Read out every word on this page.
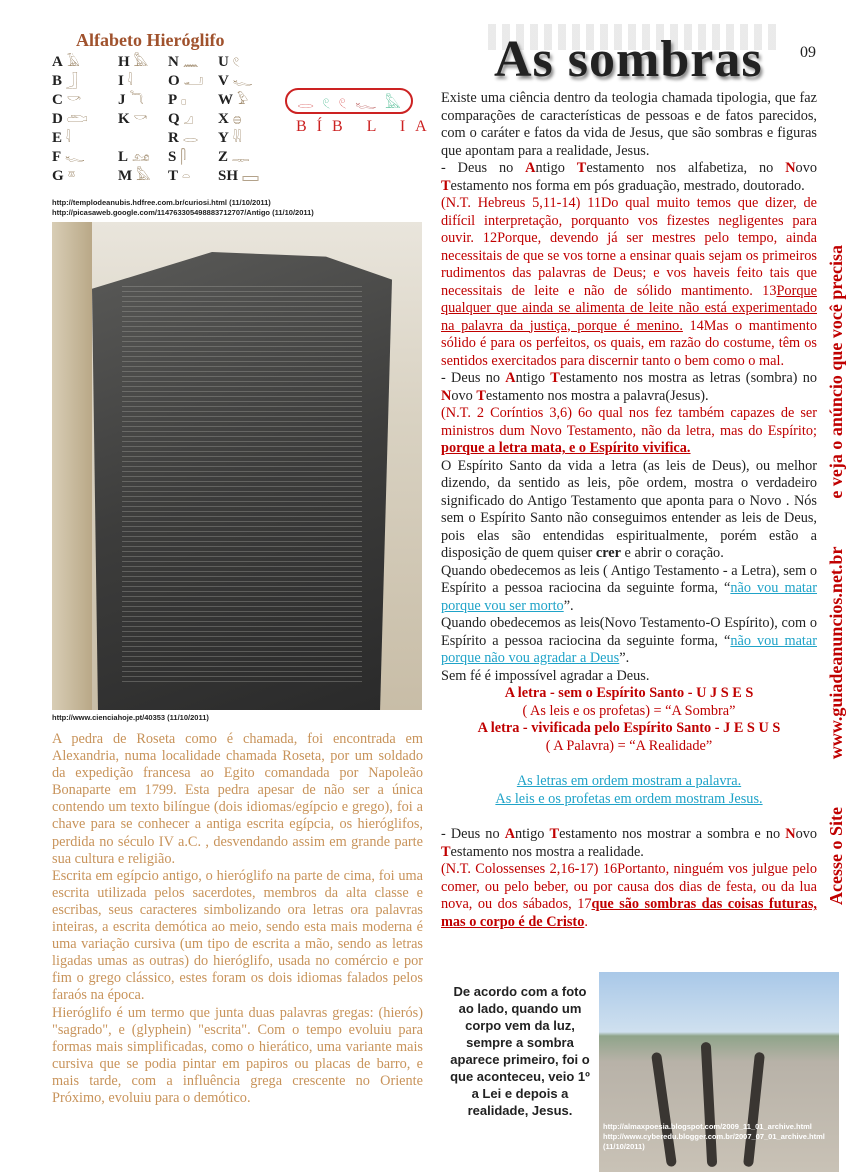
Alfabeto Hieróglifo
A 𓄿 H 𓅓 N 𓈖 U 𓏲
B 𓃀	I 𓇋 O 𓂝 V 𓆑
C 𓎡 J 𓆓 P 𓊪 W 𓅱
D 𓂧 K 𓎡 Q 𓈎 X 𓐍
E 𓇋	R 𓂋 Y 𓇌
F 𓆑 L 𓃭 S 𓋴 Z 𓊃
G 𓎼	M 𓅓 T 𓏏 SH 𓈙
http://templodeanubis.hdfree.com.br/curiosi.html (11/10/2011)
http://picasaweb.google.com/114763305498883712707/Antigo (11/10/2011)
𓂋 𓏲 𓏲 𓆑 𓅓
BÍB L IA
As sombras 09
http://www.cienciahoje.pt/40353 (11/10/2011)

A pedra de Roseta como é chamada, foi encontrada em Alexandria, numa localidade chamada Roseta, por um soldado da expedição francesa ao Egito comandada por Napoleão Bonaparte em 1799. Esta pedra apesar de não ser a única contendo um texto bilíngue (dois idiomas/egípcio e grego), foi a chave para se conhecer a antiga escrita egípcia, os hieróglifos, perdida no século IV a.C. , desvendando assim em grande parte sua cultura e religião.

Escrita em egípcio antigo, o hieróglifo na parte de cima, foi uma escrita utilizada pelos sacerdotes, membros da alta classe e escribas, seus caracteres simbolizando ora letras ora palavras inteiras, a escrita demótica ao meio, sendo esta mais moderna é uma variação cursiva (um tipo de escrita a mão, sendo as letras ligadas umas as outras) do hieróglifo, usada no comércio e por fim o grego clássico, estes foram os dois idiomas falados pelos faraós na época.

Hieróglifo é um termo que junta duas palavras gregas: (hierós) "sagrado", e (glyphein) "escrita". Com o tempo evoluiu para formas mais simplificadas, como o hierático, uma variante mais cursiva que se podia pintar em papiros ou placas de barro, e mais tarde, com a influência grega crescente no Oriente Próximo, evoluiu para o demótico.

Existe uma ciência dentro da teologia chamada tipologia, que faz comparações de características de pessoas e de fatos parecidos, com o caráter e fatos da vida de Jesus, que são sombras e figuras que apontam para a realidade, Jesus.

- Deus no Antigo Testamento nos alfabetiza, no Novo Testamento nos forma em pós graduação, mestrado, doutorado.

(N.T. Hebreus 5,11-14) 11Do qual muito temos que dizer, de difícil interpretação, porquanto vos fizestes negligentes para ouvir. 12Porque, devendo já ser mestres pelo tempo, ainda necessitais de que se vos torne a ensinar quais sejam os primeiros rudimentos das palavras de Deus; e vos haveis feito tais que necessitais de leite e não de sólido mantimento. 13Porque qualquer que ainda se alimenta de leite não está experimentado na palavra da justiça, porque é menino. 14Mas o mantimento sólido é para os perfeitos, os quais, em razão do costume, têm os sentidos exercitados para discernir tanto o bem como o mal.

- Deus no Antigo Testamento nos mostra as letras (sombra) no Novo Testamento nos mostra a palavra(Jesus).

(N.T. 2 Coríntios 3,6) 6o qual nos fez também capazes de ser ministros dum Novo Testamento, não da letra, mas do Espírito; porque a letra mata, e o Espírito vivifica.

O Espírito Santo da vida a letra (as leis de Deus), ou melhor dizendo, da sentido as leis, põe ordem, mostra o verdadeiro significado do Antigo Testamento que aponta para o Novo . Nós sem o Espírito Santo não conseguimos entender as leis de Deus, pois elas são entendidas espiritualmente, porém estão a disposição de quem quiser crer e abrir o coração.

Quando obedecemos as leis ( Antigo Testamento - a Letra), sem o Espírito a pessoa raciocina da seguinte forma, “não vou matar porque vou ser morto”.

Quando obedecemos as leis(Novo Testamento-O Espírito), com o Espírito a pessoa raciocina da seguinte forma, “não vou matar porque não vou agradar a Deus”.

Sem fé é impossível agradar a Deus.

A letra - sem o Espírito Santo - U J S E S

( As leis e os profetas) = “A Sombra”

A letra - vivificada pelo Espírito Santo - J E S U S

( A Palavra) = “A Realidade”

As letras em ordem mostram a palavra.

As leis e os profetas em ordem mostram Jesus.

- Deus no Antigo Testamento nos mostrar a sombra e no Novo Testamento nos mostra a realidade.

(N.T. Colossenses 2,16-17) 16Portanto, ninguém vos julgue pelo comer, ou pelo beber, ou por causa dos dias de festa, ou da lua nova, ou dos sábados, 17que são sombras das coisas futuras, mas o corpo é de Cristo.

Acesse o Site
www.guiadeanuncios.net.br
e veja o anúncio que você precisa
De acordo com a foto ao lado, quando um corpo vem da luz, sempre a sombra aparece primeiro, foi o que aconteceu, veio 1º a Lei e depois a realidade, Jesus.
http://almaxpoesia.blogspot.com/2009_11_01_archive.html
http://www.cyberedu.blogger.com.br/2007_07_01_archive.html
(11/10/2011)
